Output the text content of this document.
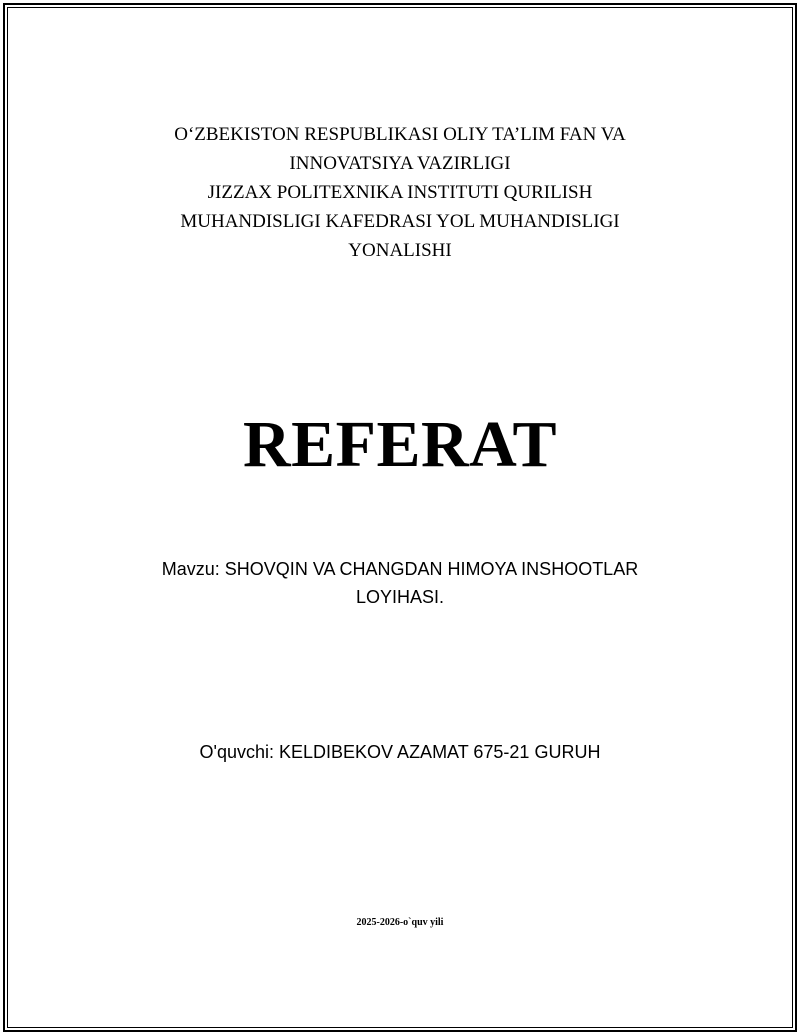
O‘ZBEKISTON RESPUBLIKASI OLIY TA’LIM FAN VA
INNOVATSIYA VAZIRLIGI
JIZZAX POLITEXNIKA INSTITUTI QURILISH
MUHANDISLIGI KAFEDRASI YOL MUHANDISLIGI
YONALISHI
REFERAT
Mavzu: SHOVQIN VA CHANGDAN HIMOYA INSHOOTLAR
LOYIHASI.
O'quvchi: KELDIBEKOV AZAMAT 675-21 GURUH
2025-2026-o`quv yili
